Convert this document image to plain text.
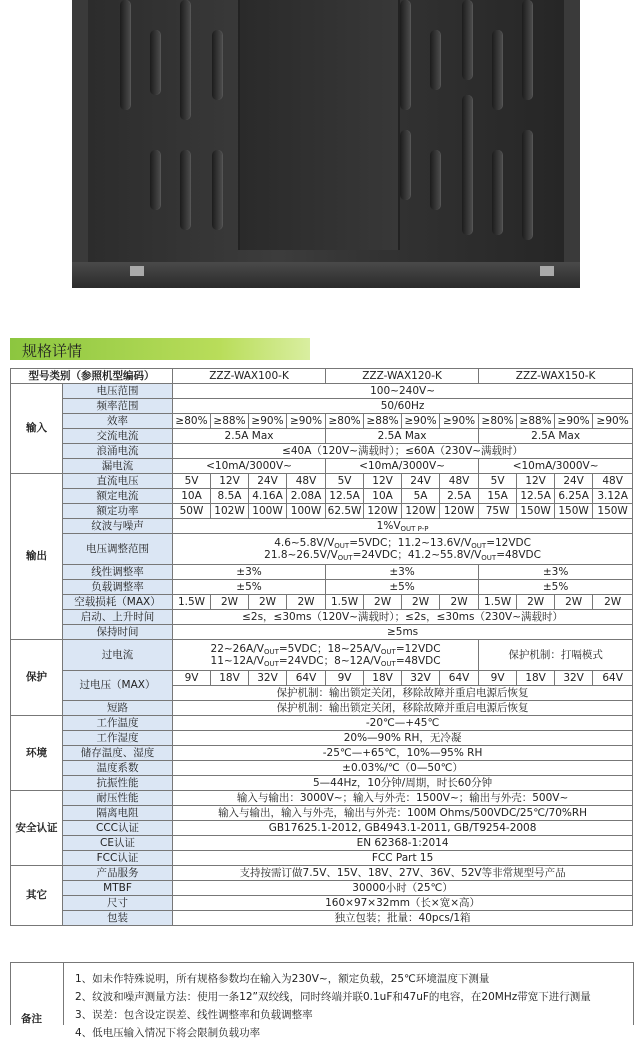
规格详情
型号类别（参照机型编码）		ZZZ-WAX100-K				ZZZ-WAX120-K				ZZZ-WAX150-K			
输入	电压范围	100~240V~											
	频率范围	50/60Hz											
	效率	≥80%	≥88%	≥90%	≥90%	≥80%	≥88%	≥90%	≥90%	≥80%	≥88%	≥90%	≥90%
	交流电流	2.5A Max				2.5A Max				2.5A Max			
	浪涌电流	≤40A（120V~满载时）；≤60A（230V~满载时）											
	漏电流	<10mA/3000V~				<10mA/3000V~				<10mA/3000V~			
输出	直流电压	5V	12V	24V	48V	5V	12V	24V	48V	5V	12V	24V	48V
	额定电流	10A	8.5A	4.16A	2.08A	12.5A	10A	5A	2.5A	15A	12.5A	6.25A	3.12A
	额定功率	50W	102W	100W	100W	62.5W	120W	120W	120W	75W	150W	150W	150W
	纹波与噪声	$1\%V_{OUT P-P}$
	电压调整范围	$4.6\sim 5.8V/V_{OUT}=5VDC$；$11.2\sim 13.6V/V_{OUT}=12VDC$
$21.8\sim 26.5V/V_{OUT}=24VDC$；$41.2\sim 55.8V/V_{OUT}=48VDC$											

	线性调整率	±3%				±3%				±3%			
	负载调整率	±5%				±5%				±5%			
	空载损耗（MAX）	1.5W	2W	2W	2W	1.5W	2W	2W	2W	1.5W	2W	2W	2W
	启动、上升时间	≤2s，≤30ms（120V~满载时）；≤2s，≤30ms（230V~满载时）											
	保持时间	≥5ms											
保护	过电流	$22\sim 26A/V_{OUT}=5VDC$；$18\sim 25A/V_{OUT}=12VDC$
$11\sim 12A/V_{OUT}=24VDC$；$8\sim 12A/V_{OUT}=48VDC$								保护机制：打嗝模式			
	过电压（MAX）	9V	18V	32V	64V	9V	18V	32V	64V	9V	18V	32V	64V
		保护机制：输出锁定关闭，移除故障并重启电源后恢复											
	短路	保护机制：输出锁定关闭，移除故障并重启电源后恢复											
环境	工作温度	-20℃—+45℃											
	工作湿度	20%—90% RH，无冷凝											
	储存温度、湿度	-25℃—+65℃，10%—95% RH											
	温度系数	±0.03%/℃（0—50℃）											
	抗振性能	5—44Hz，10分钟/周期，时长60分钟											
安全认证	耐压性能	输入与输出：3000V~；输入与外壳：1500V~；输出与外壳：500V~											
	隔离电阻	输入与输出，输入与外壳，输出与外壳：100M Ohms/500VDC/25℃/70%RH											
	CCC认证	GB17625.1-2012, GB4943.1-2011, GB/T9254-2008											
	CE认证	EN 62368-1:2014											
	FCC认证	FCC Part 15											
其它	产品服务	支持按需订做7.5V、15V、18V、27V、36V、52V等非常规型号产品											
	MTBF	30000小时（25℃）											
	尺寸	160×97×32mm（长×宽×高）											
	包装	独立包装；批量：40pcs/1箱											
备注
1、如未作特殊说明，所有规格参数均在输入为230V~，额定负载，25℃环境温度下测量
2、纹波和噪声测量方法：使用一条12”双绞线，同时终端并联0.1uF和47uF的电容，在20MHz带宽下进行测量
3、误差：包含设定误差、线性调整率和负载调整率
4、低电压输入情况下将会限制负载功率
